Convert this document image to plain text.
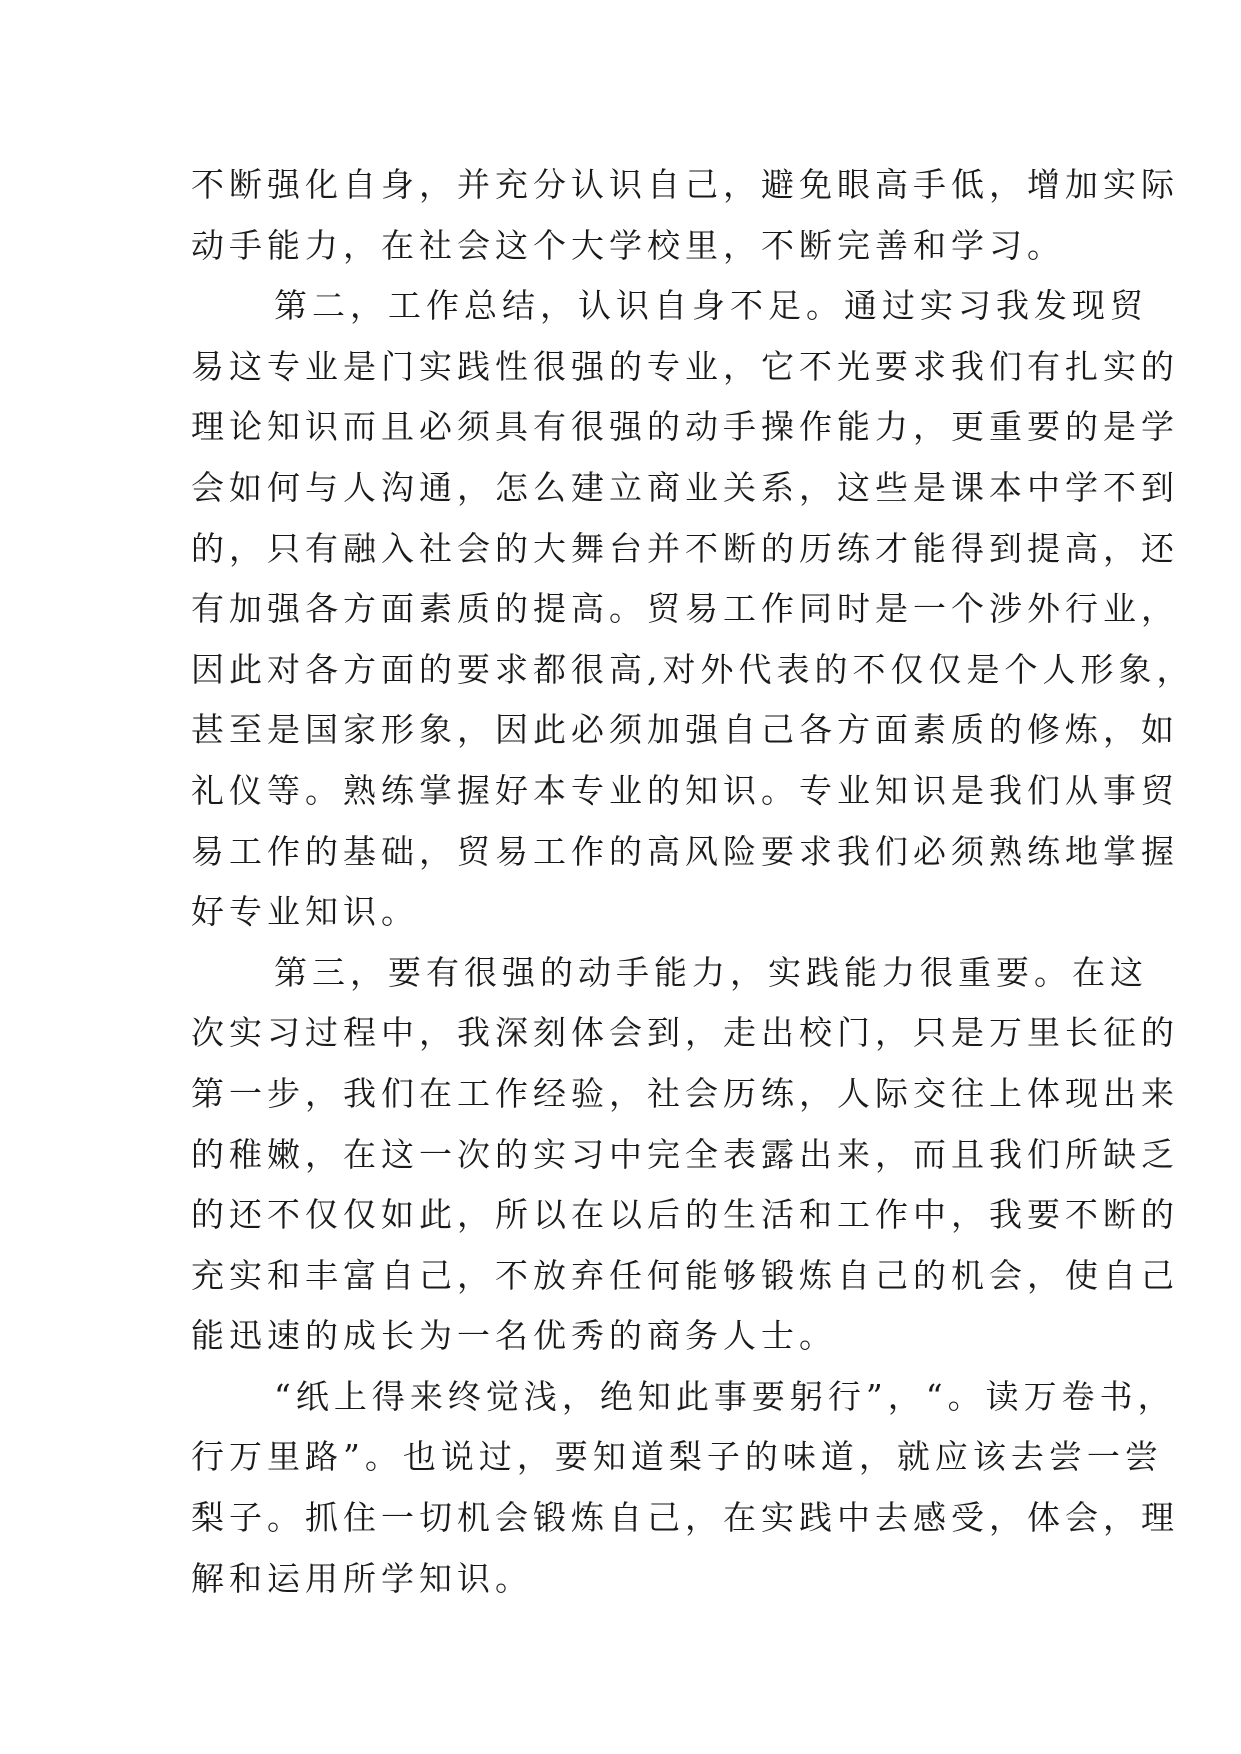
不断强化自身，并充分认识自己，避免眼高手低，增加实际
动手能力，在社会这个大学校里，不断完善和学习。
第二，工作总结，认识自身不足。通过实习我发现贸
易这专业是门实践性很强的专业，它不光要求我们有扎实的
理论知识而且必须具有很强的动手操作能力，更重要的是学
会如何与人沟通，怎么建立商业关系，这些是课本中学不到
的，只有融入社会的大舞台并不断的历练才能得到提高，还
有加强各方面素质的提高。贸易工作同时是一个涉外行业，
因此对各方面的要求都很高,对外代表的不仅仅是个人形象，
甚至是国家形象，因此必须加强自己各方面素质的修炼，如
礼仪等。熟练掌握好本专业的知识。专业知识是我们从事贸
易工作的基础，贸易工作的高风险要求我们必须熟练地掌握
好专业知识。
第三，要有很强的动手能力，实践能力很重要。在这
次实习过程中，我深刻体会到，走出校门，只是万里长征的
第一步，我们在工作经验，社会历练，人际交往上体现出来
的稚嫩，在这一次的实习中完全表露出来，而且我们所缺乏
的还不仅仅如此，所以在以后的生活和工作中，我要不断的
充实和丰富自己，不放弃任何能够锻炼自己的机会，使自己
能迅速的成长为一名优秀的商务人士。
“纸上得来终觉浅，绝知此事要躬行”，“。读万卷书，
行万里路”。也说过，要知道梨子的味道，就应该去尝一尝
梨子。抓住一切机会锻炼自己，在实践中去感受，体会，理
解和运用所学知识。
